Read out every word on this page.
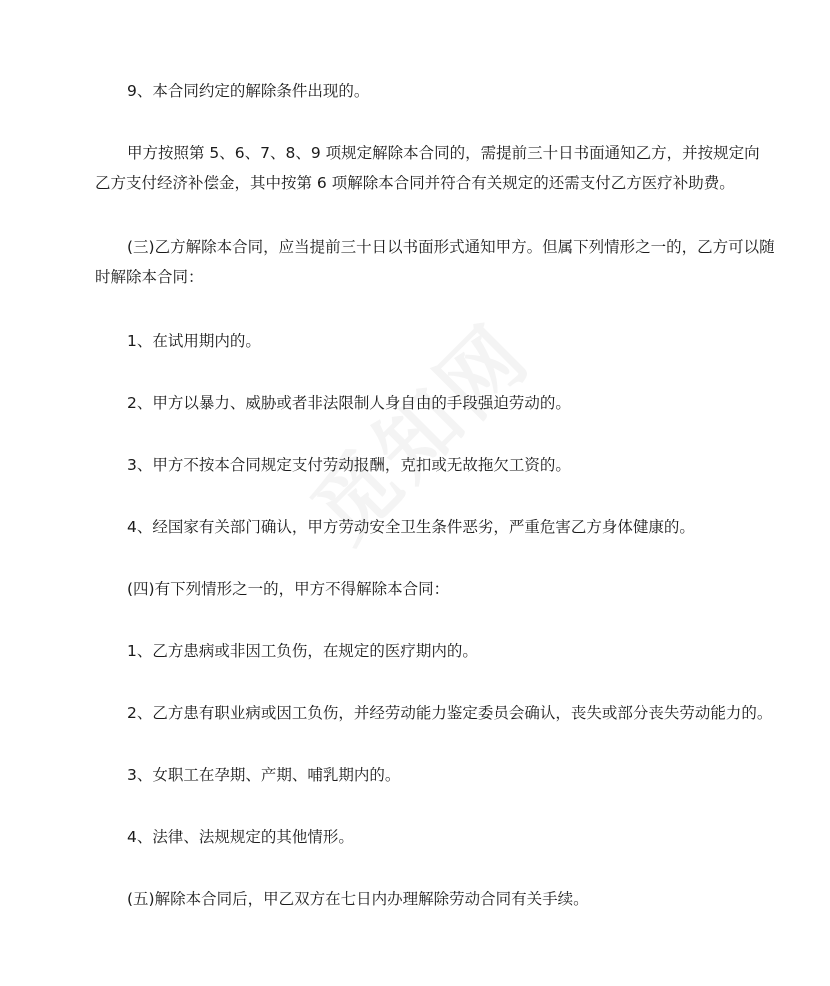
9、本合同约定的解除条件出现的。

甲方按照第 5、6、7、8、9 项规定解除本合同的，需提前三十日书面通知乙方，并按规定向乙方支付经济补偿金，其中按第 6 项解除本合同并符合有关规定的还需支付乙方医疗补助费。

(三)乙方解除本合同，应当提前三十日以书面形式通知甲方。但属下列情形之一的，乙方可以随时解除本合同：

1、在试用期内的。

2、甲方以暴力、威胁或者非法限制人身自由的手段强迫劳动的。

3、甲方不按本合同规定支付劳动报酬，克扣或无故拖欠工资的。

4、经国家有关部门确认，甲方劳动安全卫生条件恶劣，严重危害乙方身体健康的。

(四)有下列情形之一的，甲方不得解除本合同：

1、乙方患病或非因工负伤，在规定的医疗期内的。

2、乙方患有职业病或因工负伤，并经劳动能力鉴定委员会确认，丧失或部分丧失劳动能力的。

3、女职工在孕期、产期、哺乳期内的。

4、法律、法规规定的其他情形。

(五)解除本合同后，甲乙双方在七日内办理解除劳动合同有关手续。
